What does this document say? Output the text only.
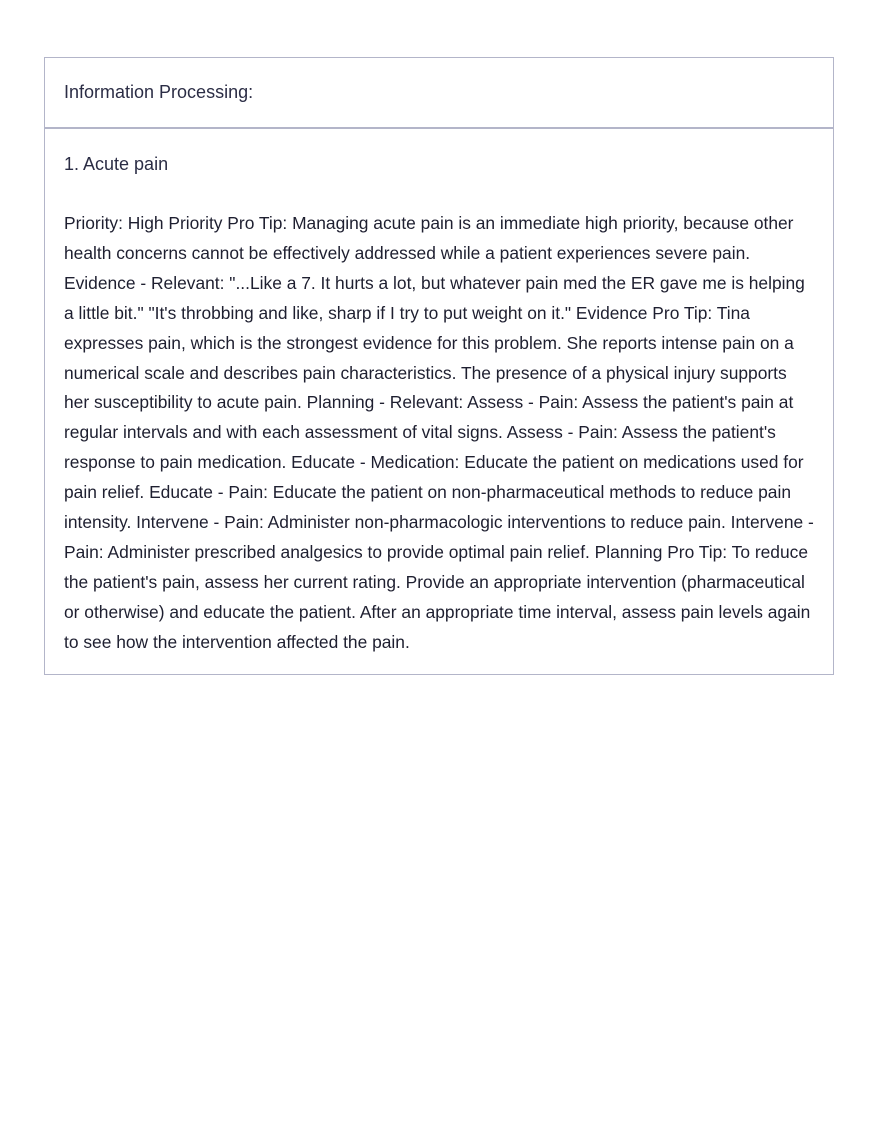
Information Processing:

1. Acute pain

Priority: High Priority Pro Tip: Managing acute pain is an immediate high priority, because other health concerns cannot be effectively addressed while a patient experiences severe pain. Evidence - Relevant: "...Like a 7. It hurts a lot, but whatever pain med the ER gave me is helping a little bit." "It's throbbing and like, sharp if I try to put weight on it." Evidence Pro Tip: Tina expresses pain, which is the strongest evidence for this problem. She reports intense pain on a numerical scale and describes pain characteristics. The presence of a physical injury supports her susceptibility to acute pain. Planning - Relevant: Assess - Pain: Assess the patient's pain at regular intervals and with each assessment of vital signs. Assess - Pain: Assess the patient's response to pain medication. Educate - Medication: Educate the patient on medications used for pain relief. Educate - Pain: Educate the patient on non-pharmaceutical methods to reduce pain intensity. Intervene - Pain: Administer non-pharmacologic interventions to reduce pain. Intervene - Pain: Administer prescribed analgesics to provide optimal pain relief. Planning Pro Tip: To reduce the patient's pain, assess her current rating. Provide an appropriate intervention (pharmaceutical or otherwise) and educate the patient. After an appropriate time interval, assess pain levels again to see how the intervention affected the pain.
